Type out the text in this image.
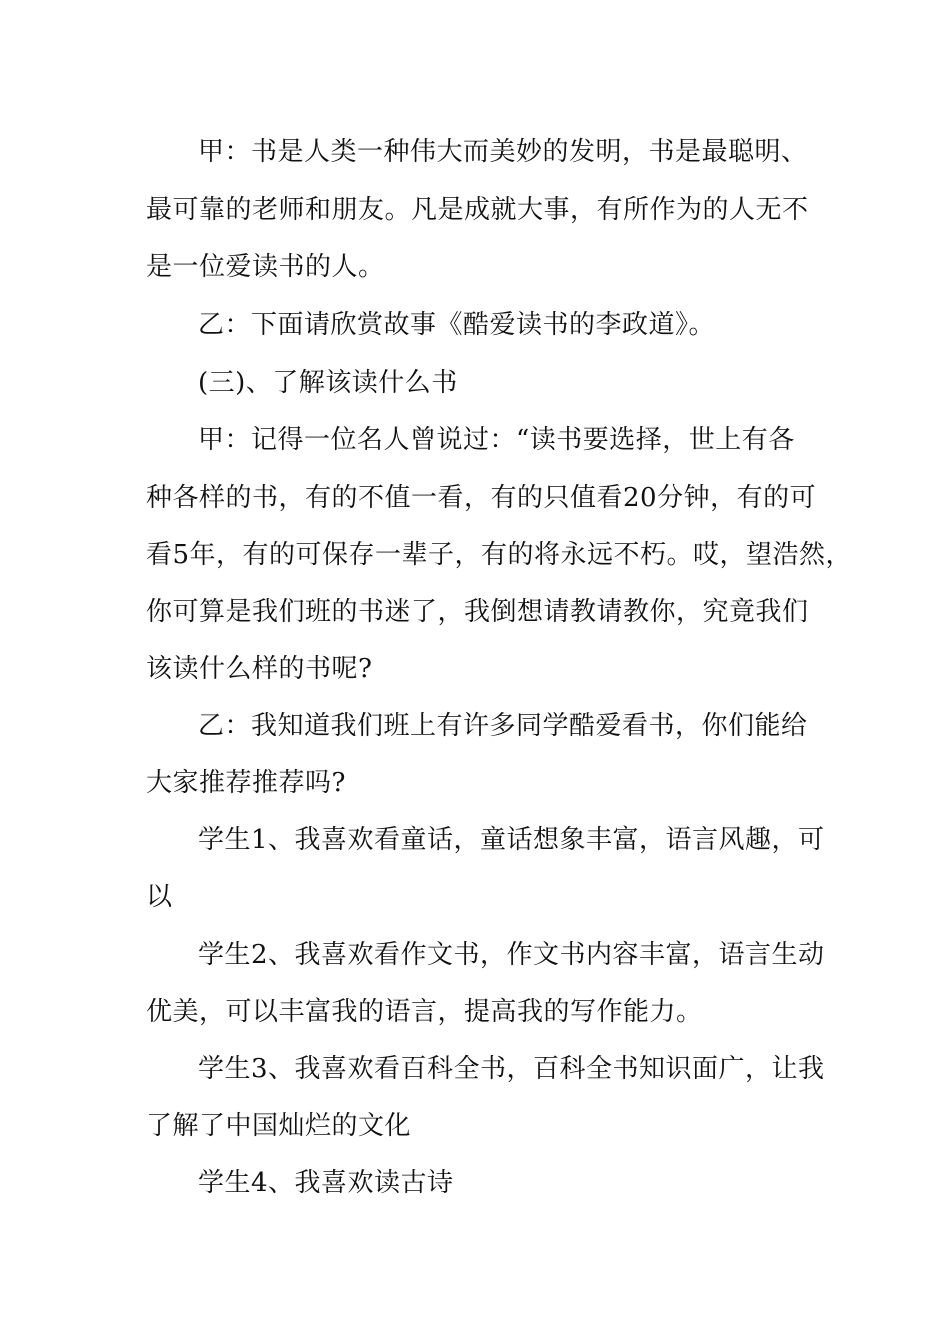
甲：书是人类一种伟大而美妙的发明，书是最聪明、
最可靠的老师和朋友。凡是成就大事，有所作为的人无不
是一位爱读书的人。
乙：下面请欣赏故事《酷爱读书的李政道》。
(三)、了解该读什么书
甲：记得一位名人曾说过：“读书要选择，世上有各
种各样的书，有的不值一看，有的只值看20分钟，有的可
看5年，有的可保存一辈子，有的将永远不朽。哎，望浩然，
你可算是我们班的书迷了，我倒想请教请教你，究竟我们
该读什么样的书呢?
乙：我知道我们班上有许多同学酷爱看书，你们能给
大家推荐推荐吗?
学生1、我喜欢看童话，童话想象丰富，语言风趣，可
以
学生2、我喜欢看作文书，作文书内容丰富，语言生动
优美，可以丰富我的语言，提高我的写作能力。
学生3、我喜欢看百科全书，百科全书知识面广，让我
了解了中国灿烂的文化
学生4、我喜欢读古诗
